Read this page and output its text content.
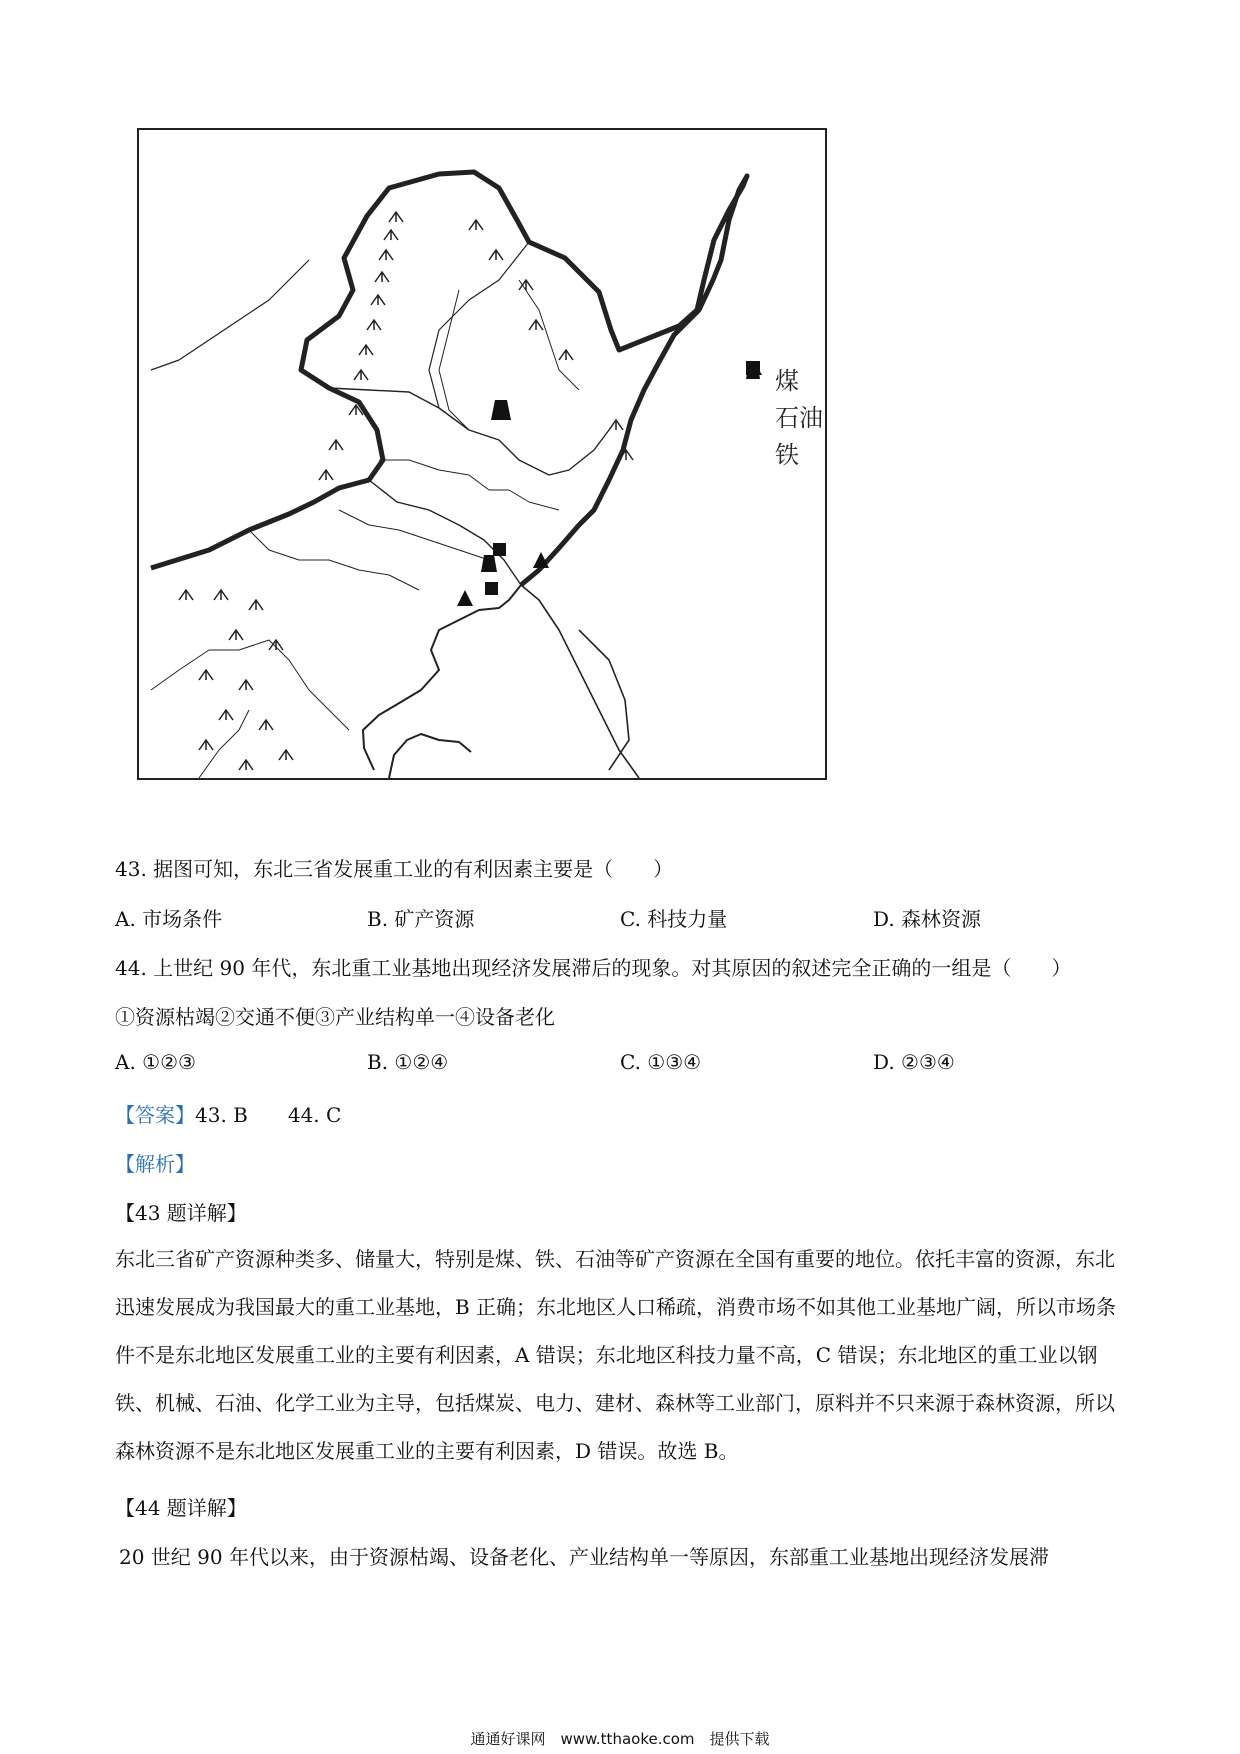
煤
石油
铁
43. 据图可知，东北三省发展重工业的有利因素主要是（　　）
A. 市场条件	B. 矿产资源	C. 科技力量	D. 森林资源
44. 上世纪 90 年代，东北重工业基地出现经济发展滞后的现象。对其原因的叙述完全正确的一组是（　　）
①资源枯竭②交通不便③产业结构单一④设备老化
A. ①②③	B. ①②④	C. ①③④	D. ②③④
【答案】43. B　　44. C
【解析】
【43 题详解】
东北三省矿产资源种类多、储量大，特别是煤、铁、石油等矿产资源在全国有重要的地位。依托丰富的资源，东北迅速发展成为我国最大的重工业基地，B 正确；东北地区人口稀疏，消费市场不如其他工业基地广阔，所以市场条件不是东北地区发展重工业的主要有利因素，A 错误；东北地区科技力量不高，C 错误；东北地区的重工业以钢铁、机械、石油、化学工业为主导，包括煤炭、电力、建材、森林等工业部门，原料并不只来源于森林资源，所以森林资源不是东北地区发展重工业的主要有利因素，D 错误。故选 B。
【44 题详解】
20 世纪 90 年代以来，由于资源枯竭、设备老化、产业结构单一等原因，东部重工业基地出现经济发展滞
通通好课网　www.tthaoke.com　提供下载
